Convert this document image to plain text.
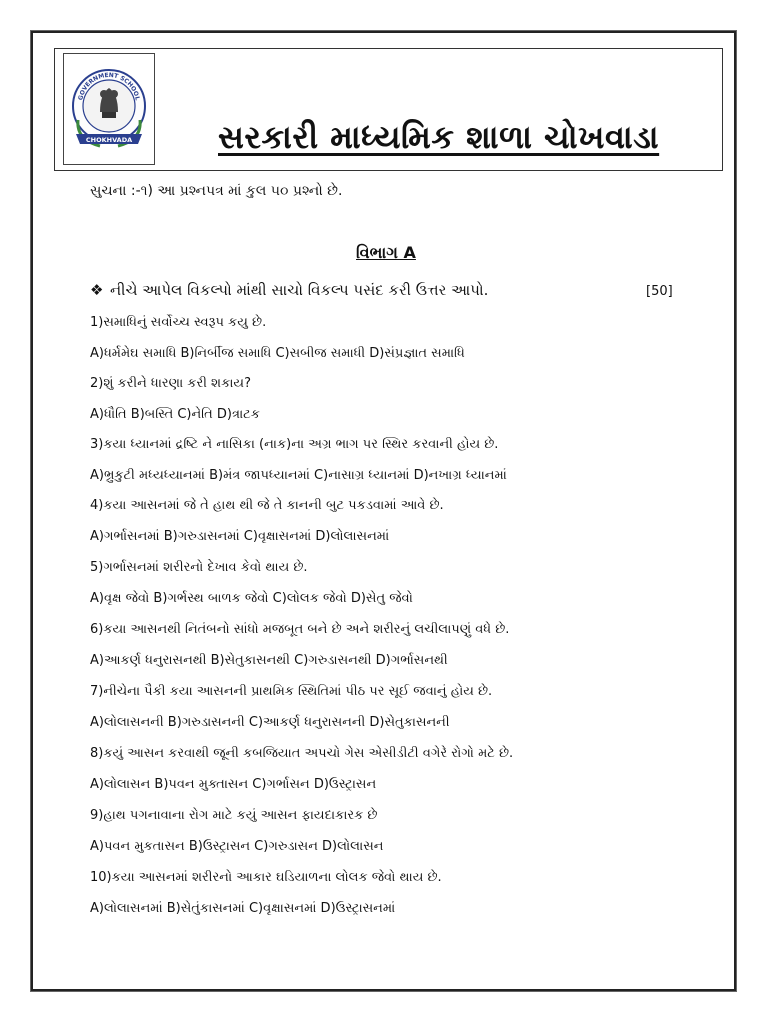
CHOKHVADA
GOVERNMENT SCHOOL
સરકારી માધ્યમિક શાળા ચોખવાડા
સુચના :-૧) આ પ્રશ્નપત્ર માં કુલ ૫૦ પ્રશ્નો છે.
વિભાગ A
❖ નીચે આપેલ વિકલ્પો માંથી સાચો વિકલ્પ પસંદ કરી ઉત્તર આપો.	[50]
1)સમાધિનું સર્વોચ્ચ સ્વરૂપ કયુ છે.
A)ધર્મમેઘ સમાધિ B)નિર્બીજ સમાધિ C)સબીજ સમાધી D)સંપ્રજ્ઞાત સમાધિ
2)શું કરીને ધારણા કરી શકાય?
A)ધૌતિ B)બસ્તિ C)નેતિ D)ત્રાટક
3)કયા ધ્યાનમાં દ્રષ્ટિ ને નાસિકા (નાક)ના અગ્ર ભાગ પર સ્થિર કરવાની હોય છે.
A)ભ્રુકુટી મધ્યધ્યાનમાં B)મંત્ર જાપધ્યાનમાં C)નાસાગ્ર ધ્યાનમાં D)નખાગ્ર ધ્યાનમાં
4)કયા આસનમાં જે તે હાથ થી જે તે કાનની બુટ પકડવામાં આવે છે.
A)ગર્ભાસનમાં B)ગરુડાસનમાં C)વૃક્ષાસનમાં D)લોલાસનમાં
5)ગર્ભાસનમાં શરીરનો દેખાવ કેવો થાય છે.
A)વૃક્ષ જેવો B)ગર્ભસ્થ બાળક જેવો C)લોલક જેવો D)સેતુ જેવો
6)કયા આસનથી નિતંબનો સાંધો મજબૂત બને છે અને શરીરનું લચીલાપણું વધે છે.
A)આકર્ણ ધનુરાસનથી B)સેતુકાસનથી C)ગરુડાસનથી D)ગર્ભાસનથી
7)નીચેના પૈકી કયા આસનની પ્રાથમિક સ્થિતિમાં પીઠ પર સૂઈ જવાનું હોય છે.
A)લોલાસનની B)ગરુડાસનની C)આકર્ણ ધનુરાસનની D)સેતુકાસનની
8)કયું આસન કરવાથી જૂની કબજિયાત અપચો ગેસ એસીડીટી વગેરે રોગો મટે છે.
A)લોલાસન B)પવન મુક્તાસન C)ગર્ભાસન D)ઉસ્ટ્રાસન
9)હાથ પગનાવાના રોગ માટે કયું આસન ફાયદાકારક છે
A)પવન મુકતાસન B)ઉસ્ટ્રાસન C)ગરુડાસન D)લોલાસન
10)કયા આસનમાં શરીરનો આકાર ઘડિયાળના લોલક જેવો થાય છે.
A)લોલાસનમાં B)સેતુંકાસનમાં C)વૃક્ષાસનમાં D)ઉસ્ટ્રાસનમાં
